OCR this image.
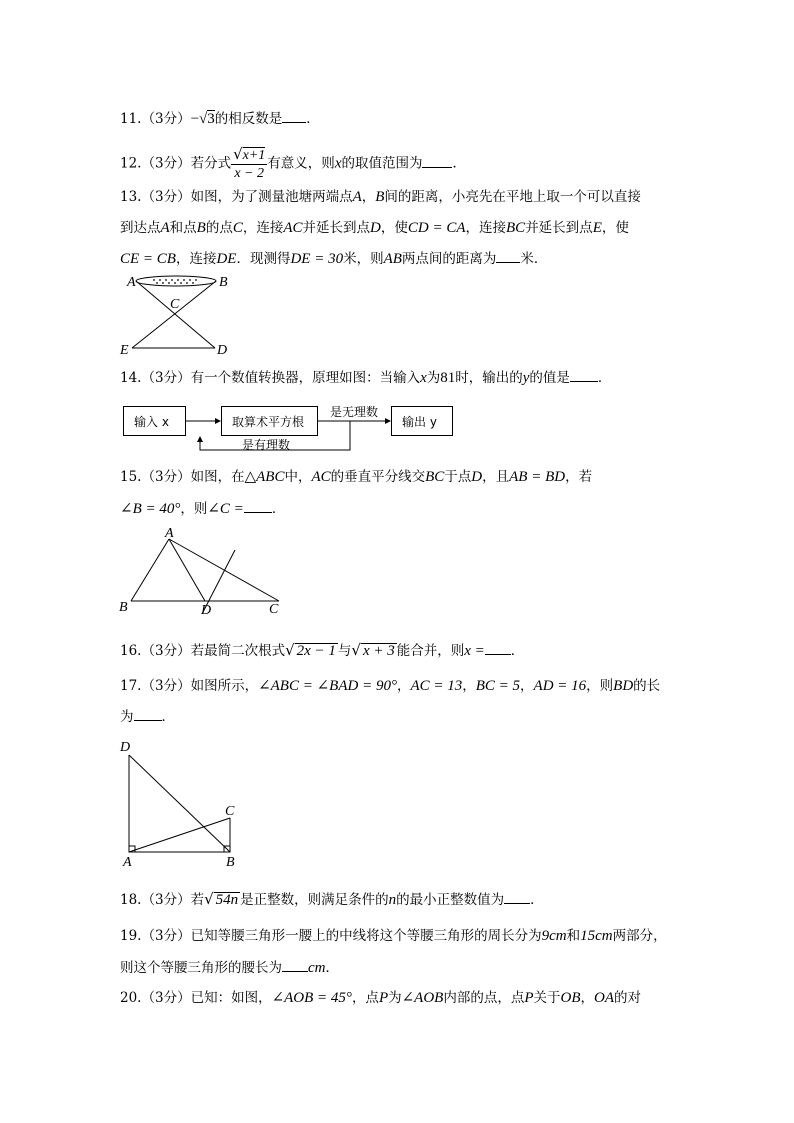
11.（3分）−√3的相反数是 ．
12.（3分）若分式 $\frac{√x+1}{x - 2}$ 有意义，则x的取值范围为 ．
13.（3分）如图，为了测量池塘两端点A，B间的距离，小亮先在平地上取一个可以直接
到达点A和点B的点C，连接AC并延长到点D，使CD = CA，连接BC并延长到点E，使
CE = CB，连接DE．现测得DE = 30米，则AB两点间的距离为 米．
A	B
C
E	D
14.（3分）有一个数值转换器，原理如图：当输入x为81时，输出的y的值是 ．
输入 x	取算术平方根	输出 y
是无理数
是有理数
15.（3分）如图，在△ABC中，AC的垂直平分线交BC于点D，且AB = BD，若
∠B = 40°，则∠C = ．
A
B	D	C
16.（3分）若最简二次根式√ 2x − 1 与√ x + 3 能合并，则x = ．
17.（3分）如图所示，∠ABC = ∠BAD = 90°，AC = 13，BC = 5，AD = 16，则BD的长
为 ．
D
C
A	B
18.（3分）若√ 54n 是正整数，则满足条件的n的最小正整数值为 ．
19.（3分）已知等腰三角形一腰上的中线将这个等腰三角形的周长分为9cm和15cm两部分，
则这个等腰三角形的腰长为 cm．
20.（3分）已知：如图，∠AOB = 45°，点P为∠AOB内部的点，点P关于OB，OA的对
